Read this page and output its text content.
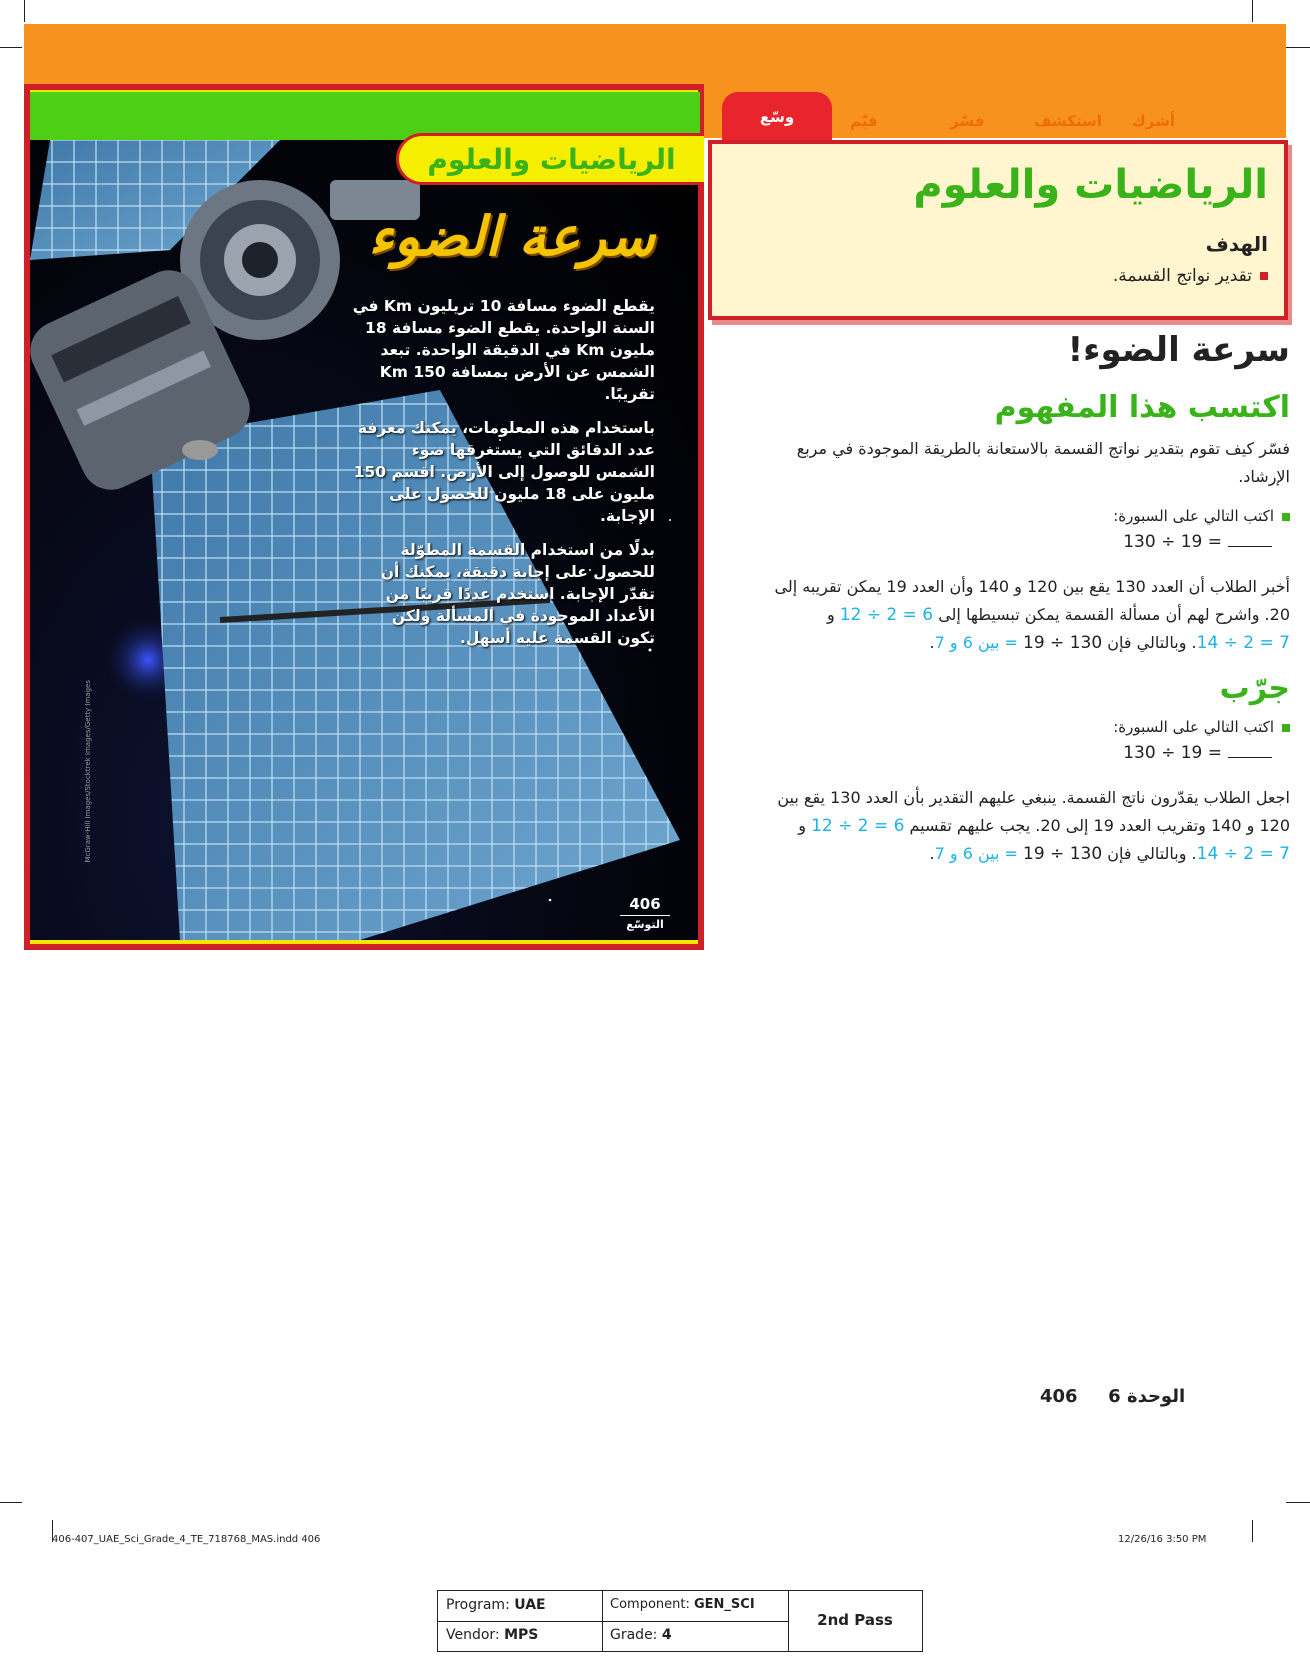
McGraw-Hill Images/Stocktrek Images/Getty Images
الرياضيات والعلوم
سرعة الضوء

يقطع الضوء مسافة 10 تريليون Km في السنة الواحدة. يقطع الضوء مسافة 18 مليون Km في الدقيقة الواحدة. تبعد الشمس عن الأرض بمسافة 150 Km تقريبًا.

باستخدام هذه المعلومات، يمكنك معرفة عدد الدقائق التي يستغرقها ضوء الشمس للوصول إلى الأرض. اقسم 150 مليون على 18 مليون للحصول على الإجابة.

بدلًا من استخدام القسمة المطوّلة للحصول على إجابة دقيقة، يمكنك أن تقدّر الإجابة. استخدم عددًا قريبًا من الأعداد الموجودة في المسألة ولكن تكون القسمة عليه أسهل.

406
التوسّع
وسّع	فيّم	فسّر	استكشف أشرك
الرياضيات والعلوم
الهدف
تقدير نواتج القسمة.
سرعة الضوء!
اكتسب هذا المفهوم
فسّر كيف تقوم بتقدير نواتج القسمة بالاستعانة بالطريقة الموجودة في مربع الإرشاد.
اكتب التالي على السبورة:
130 ÷ 19 =
أخبر الطلاب أن العدد 130 يقع بين 120 و 140 وأن العدد 19 يمكن تقريبه إلى 20. واشرح لهم أن مسألة القسمة يمكن تبسيطها إلى 12 ÷ 2 = 6 و 14 ÷ 2 = 7. وبالتالي فإن 19 ÷ 130 = بين 6 و 7.
جرّب
اكتب التالي على السبورة:
130 ÷ 19 =
اجعل الطلاب يقدّرون ناتج القسمة. ينبغي عليهم التقدير بأن العدد 130 يقع بين 120 و 140 وتقريب العدد 19 إلى 20. يجب عليهم تقسيم 12 ÷ 2 = 6 و 14 ÷ 2 = 7. وبالتالي فإن 19 ÷ 130 = بين 6 و 7.
الوحدة 6  406
406-407_UAE_Sci_Grade_4_TE_718768_MAS.indd 406	12/26/16 3:50 PM
Program: UAE	Component: GEN_SCI
Vendor: MPS	Grade: 4
2nd Pass
